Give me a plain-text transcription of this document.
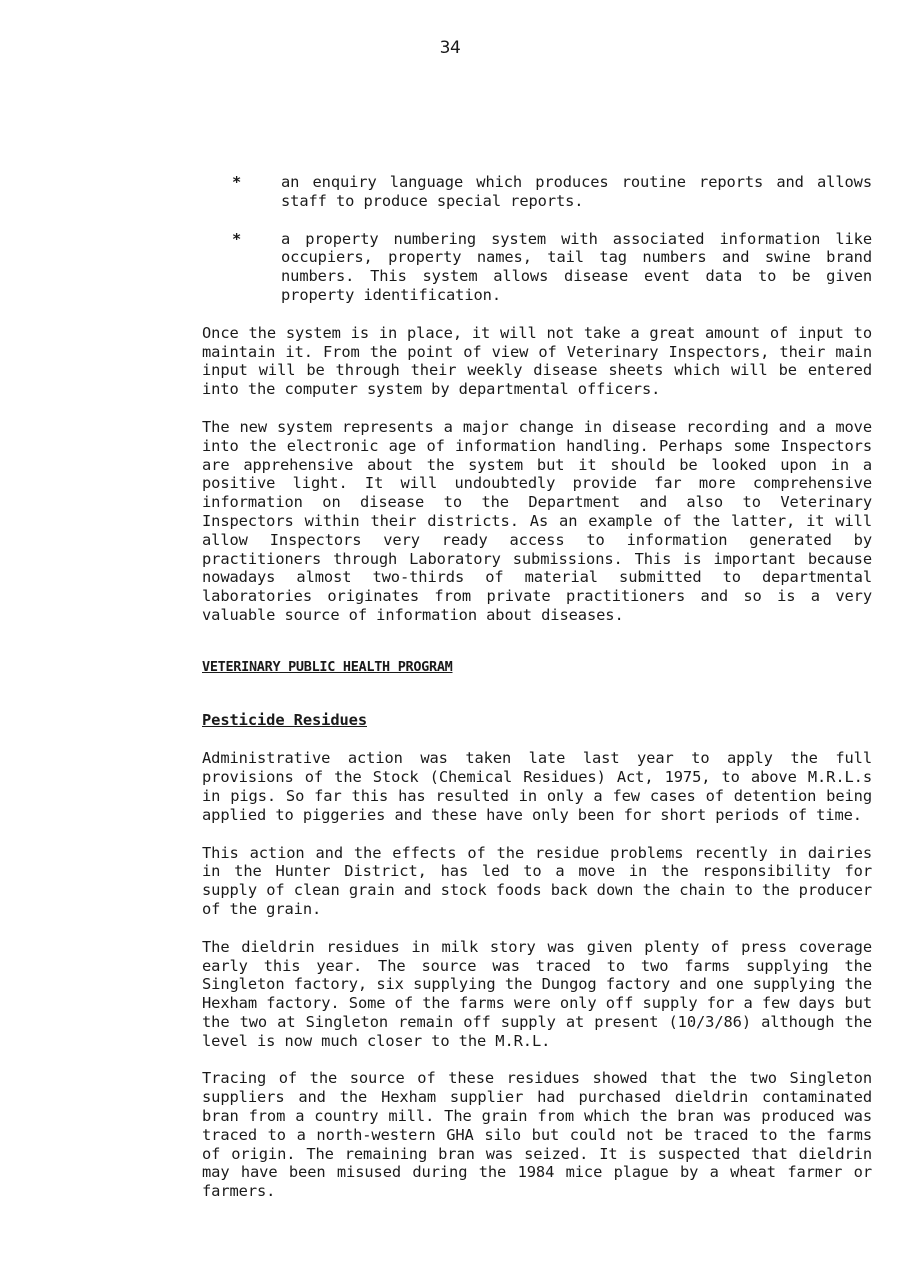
34
*	an enquiry language which produces routine reports and allows staff to produce special reports.

*	a property numbering system with associated information like occupiers, property names, tail tag numbers and swine brand numbers. This system allows disease event data to be given property identification.

Once the system is in place, it will not take a great amount of input to maintain it. From the point of view of Veterinary Inspectors, their main input will be through their weekly disease sheets which will be entered into the computer system by departmental officers.

The new system represents a major change in disease recording and a move into the electronic age of information handling. Perhaps some Inspectors are apprehensive about the system but it should be looked upon in a positive light. It will undoubtedly provide far more comprehensive information on disease to the Department and also to Veterinary Inspectors within their districts. As an example of the latter, it will allow Inspectors very ready access to information generated by practitioners through Laboratory submissions. This is important because nowadays almost two-thirds of material submitted to departmental laboratories originates from private practitioners and so is a very valuable source of information about diseases.

VETERINARY PUBLIC HEALTH PROGRAM
Pesticide Residues

Administrative action was taken late last year to apply the full provisions of the Stock (Chemical Residues) Act, 1975, to above M.R.L.s in pigs. So far this has resulted in only a few cases of detention being applied to piggeries and these have only been for short periods of time.

This action and the effects of the residue problems recently in dairies in the Hunter District, has led to a move in the responsibility for supply of clean grain and stock foods back down the chain to the producer of the grain.

The dieldrin residues in milk story was given plenty of press coverage early this year. The source was traced to two farms supplying the Singleton factory, six supplying the Dungog factory and one supplying the Hexham factory. Some of the farms were only off supply for a few days but the two at Singleton remain off supply at present (10/3/86) although the level is now much closer to the M.R.L.

Tracing of the source of these residues showed that the two Singleton suppliers and the Hexham supplier had purchased dieldrin contaminated bran from a country mill. The grain from which the bran was produced was traced to a north-western GHA silo but could not be traced to the farms of origin. The remaining bran was seized. It is suspected that dieldrin may have been misused during the 1984 mice plague by a wheat farmer or farmers.
